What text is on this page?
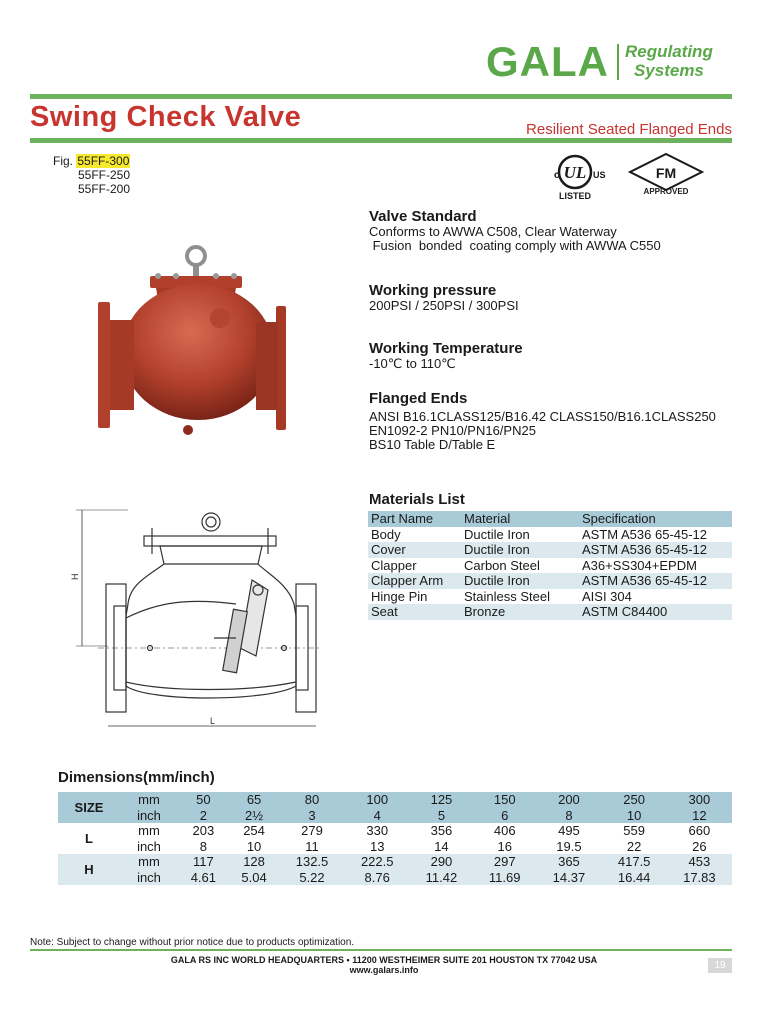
GALA Regulating
Systems
Swing Check Valve	Resilient Seated Flanged Ends
Fig. 55FF-300
55FF-250
55FF-200
UL
c	US
LISTED
FM
APPROVED
Valve Standard
Conforms to AWWA C508, Clear Waterway
Fusion  bonded  coating comply with AWWA C550
Working pressure
200PSI / 250PSI / 300PSI
Working Temperature
-10℃ to 110℃
Flanged Ends
ANSI B16.1CLASS125/B16.42 CLASS150/B16.1CLASS250
EN1092-2 PN10/PN16/PN25
BS10 Table D/Table E
Materials List
Part Name	Material	Specification
Body	Ductile Iron	ASTM A536 65-45-12
Cover	Ductile Iron	ASTM A536 65-45-12
Clapper	Carbon Steel	A36+SS304+EPDM
Clapper Arm	Ductile Iron	ASTM A536 65-45-12
Hinge Pin	Stainless Steel	AISI 304
Seat	Bronze	ASTM C84400
H
L
Dimensions(mm/inch)
SIZE	mm	50	65	80	100	125	150	200	250	300
	inch	2	2½	3	4	5	6	8	10	12
L	mm	203	254	279	330	356	406	495	559	660
	inch	8	10	11	13	14	16	19.5	22	26
H	mm	117	128	132.5	222.5	290	297	365	417.5	453
	inch	4.61	5.04	5.22	8.76	11.42	11.69	14.37	16.44	17.83
Note: Subject to change without prior notice due to products optimization.
GALA RS INC WORLD HEADQUARTERS • 11200 WESTHEIMER SUITE 201 HOUSTON TX 77042 USA
www.galars.info	19
